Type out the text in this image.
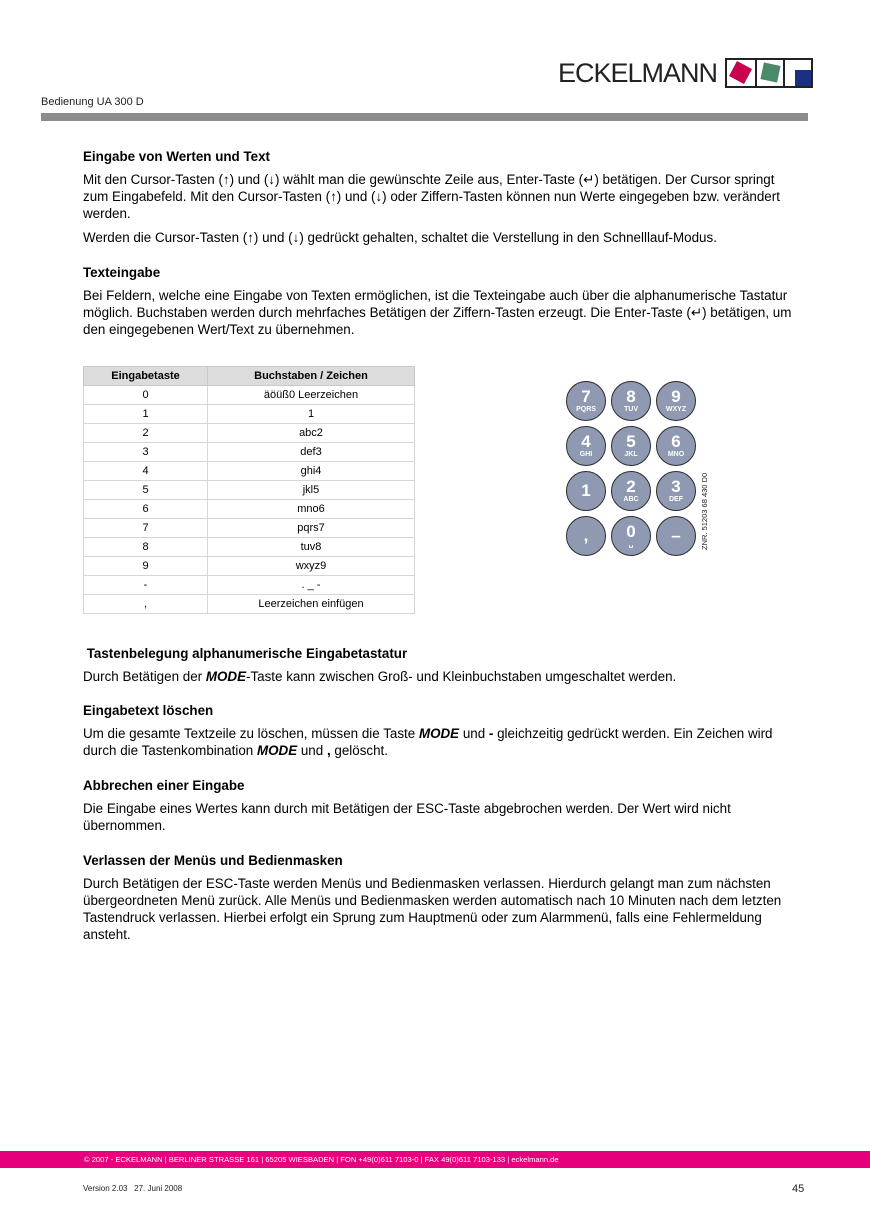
ECKELMANN
Bedienung UA 300 D
Eingabe von Werten und Text

Mit den Cursor-Tasten (↑) und (↓) wählt man die gewünschte Zeile aus, Enter-Taste (↵) betätigen. Der Cursor springt zum Eingabefeld. Mit den Cursor-Tasten (↑) und (↓) oder Ziffern-Tasten können nun Werte eingegeben bzw. verändert werden.

Werden die Cursor-Tasten (↑) und (↓) gedrückt gehalten, schaltet die Verstellung in den Schnelllauf-Modus.

Texteingabe

Bei Feldern, welche eine Eingabe von Texten ermöglichen, ist die Texteingabe auch über die alphanumerische Tastatur möglich. Buchstaben werden durch mehrfaches Betätigen der Ziffern-Tasten erzeugt. Die Enter-Taste (↵) betätigen, um den eingegebenen Wert/Text zu übernehmen.

Eingabetaste	Buchstaben / Zeichen
0	äöüß0 Leerzeichen
1	1
2	abc2
3	def3
4	ghi4
5	jkl5
6	mno6
7	pqrs7
8	tuv8
9	wxyz9
-	. _ -
,	Leerzeichen einfügen
7
PQRS
8
TUV
9
WXYZ
4
GHI
5
JKL
6
MNO
1 2
ABC
3
DEF
, 0
␣ –	ZNR. 51203 68 430 D0
Tastenbelegung alphanumerische Eingabetastatur

Durch Betätigen der MODE-Taste kann zwischen Groß- und Kleinbuchstaben umgeschaltet werden.

Eingabetext löschen

Um die gesamte Textzeile zu löschen, müssen die Taste MODE und - gleichzeitig gedrückt werden. Ein Zeichen wird durch die Tastenkombination MODE und , gelöscht.

Abbrechen einer Eingabe

Die Eingabe eines Wertes kann durch mit Betätigen der ESC-Taste abgebrochen werden. Der Wert wird nicht übernommen.

Verlassen der Menüs und Bedienmasken

Durch Betätigen der ESC-Taste werden Menüs und Bedienmasken verlassen. Hierdurch gelangt man zum nächsten übergeordneten Menü zurück. Alle Menüs und Bedienmasken werden automatisch nach 10 Minuten nach dem letzten Tastendruck verlassen. Hierbei erfolgt ein Sprung zum Hauptmenü oder zum Alarmmenü, falls eine Fehlermeldung ansteht.

© 2007 - ECKELMANN | BERLINER STRASSE 161 | 65205 WIESBADEN | FON +49(0)611 7103-0 | FAX 49(0)611 7103-133 | eckelmann.de
Version 2.03   27. Juni 2008	45
